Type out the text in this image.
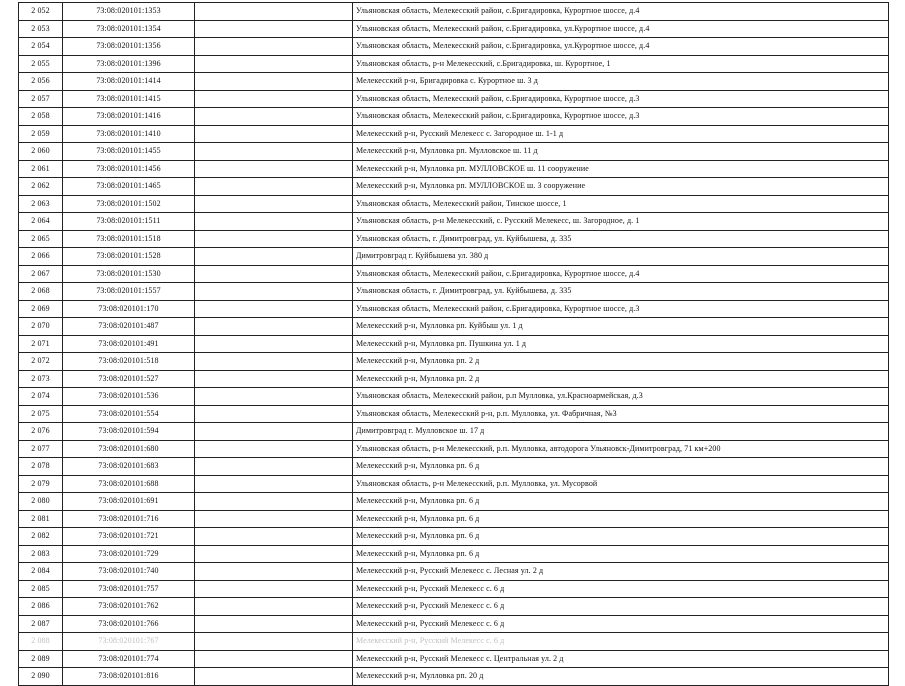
2 052	73:08:020101:1353		Ульяновская область, Мелекесский район, с.Бригадировка, Курортное шоссе, д.4
2 053	73:08:020101:1354		Ульяновская область, Мелекесский район, с.Бригадировка, ул.Курортное шоссе, д.4
2 054	73:08:020101:1356		Ульяновская область, Мелекесский район, с.Бригадировка, ул.Курортное шоссе, д.4
2 055	73:08:020101:1396		Ульяновская область, р-н Мелекесский, с.Бригадировка, ш. Курортное, 1
2 056	73:08:020101:1414		Мелекесский р-н, Бригадировка с. Курортное ш. 3 д
2 057	73:08:020101:1415		Ульяновская область, Мелекесский район, с.Бригадировка, Курортное шоссе, д.3
2 058	73:08:020101:1416		Ульяновская область, Мелекесский район, с.Бригадировка, Курортное шоссе, д.3
2 059	73:08:020101:1410		Мелекесский р-н, Русский Мелекесс с. Загородное ш. 1-1 д
2 060	73:08:020101:1455		Мелекесский р-н, Мулловка рп. Мулловское ш. 11 д
2 061	73:08:020101:1456		Мелекесский р-н, Мулловка рп. МУЛЛОВСКОЕ ш. 11 сооружение
2 062	73:08:020101:1465		Мелекесский р-н, Мулловка рп. МУЛЛОВСКОЕ ш. 3 сооружение
2 063	73:08:020101:1502		Ульяновская область, Мелекесский район, Тинское шоссе, 1
2 064	73:08:020101:1511		Ульяновская область, р-н Мелекесский, с. Русский Мелекесс, ш. Загородное, д. 1
2 065	73:08:020101:1518		Ульяновская область, г. Димитровград, ул. Куйбышева, д. 335
2 066	73:08:020101:1528		Димитровград г. Куйбышева ул. 380 д
2 067	73:08:020101:1530		Ульяновская область, Мелекесский район, с.Бригадировка, Курортное шоссе, д.4
2 068	73:08:020101:1557		Ульяновская область, г. Димитровград, ул. Куйбышева, д. 335
2 069	73:08:020101:170		Ульяновская область, Мелекесский район, с.Бригадировка, Курортное шоссе, д.3
2 070	73:08:020101:487		Мелекесский р-н, Мулловка рп. Куйбыш ул. 1 д
2 071	73:08:020101:491		Мелекесский р-н, Мулловка рп. Пушкина ул. 1 д
2 072	73:08:020101:518		Мелекесский р-н, Мулловка рп. 2 д
2 073	73:08:020101:527		Мелекесский р-н, Мулловка рп. 2 д
2 074	73:08:020101:536		Ульяновская область, Мелекесский район, р.п Мулловка, ул.Красноармейская, д.3
2 075	73:08:020101:554		Ульяновская область, Мелекесский р-н, р.п. Мулловка, ул. Фабричная, №3
2 076	73:08:020101:594		Димитровград г. Мулловское ш. 17 д
2 077	73:08:020101:680		Ульяновская область, р-н Мелекесский, р.п. Мулловка, автодорога Ульяновск-Димитровград, 71 км+200
2 078	73:08:020101:683		Мелекесский р-н, Мулловка рп. 6 д
2 079	73:08:020101:688		Ульяновская область, р-н Мелекесский, р.п. Мулловка, ул. Мусорвой
2 080	73:08:020101:691		Мелекесский р-н, Мулловка рп. 6 д
2 081	73:08:020101:716		Мелекесский р-н, Мулловка рп. 6 д
2 082	73:08:020101:721		Мелекесский р-н, Мулловка рп. 6 д
2 083	73:08:020101:729		Мелекесский р-н, Мулловка рп. 6 д
2 084	73:08:020101:740		Мелекесский р-н, Русский Мелекесс с. Лесная ул. 2 д
2 085	73:08:020101:757		Мелекесский р-н, Русский Мелекесс с. 6 д
2 086	73:08:020101:762		Мелекесский р-н, Русский Мелекесс с. 6 д
2 087	73:08:020101:766		Мелекесский р-н, Русский Мелекесс с. 6 д
2 088	73:08:020101:767		Мелекесский р-н, Русский Мелекесс с. 6 д
2 089	73:08:020101:774		Мелекесский р-н, Русский Мелекесс с. Центральная ул. 2 д
2 090	73:08:020101:816		Мелекесский р-н, Мулловка рп. 20 д
